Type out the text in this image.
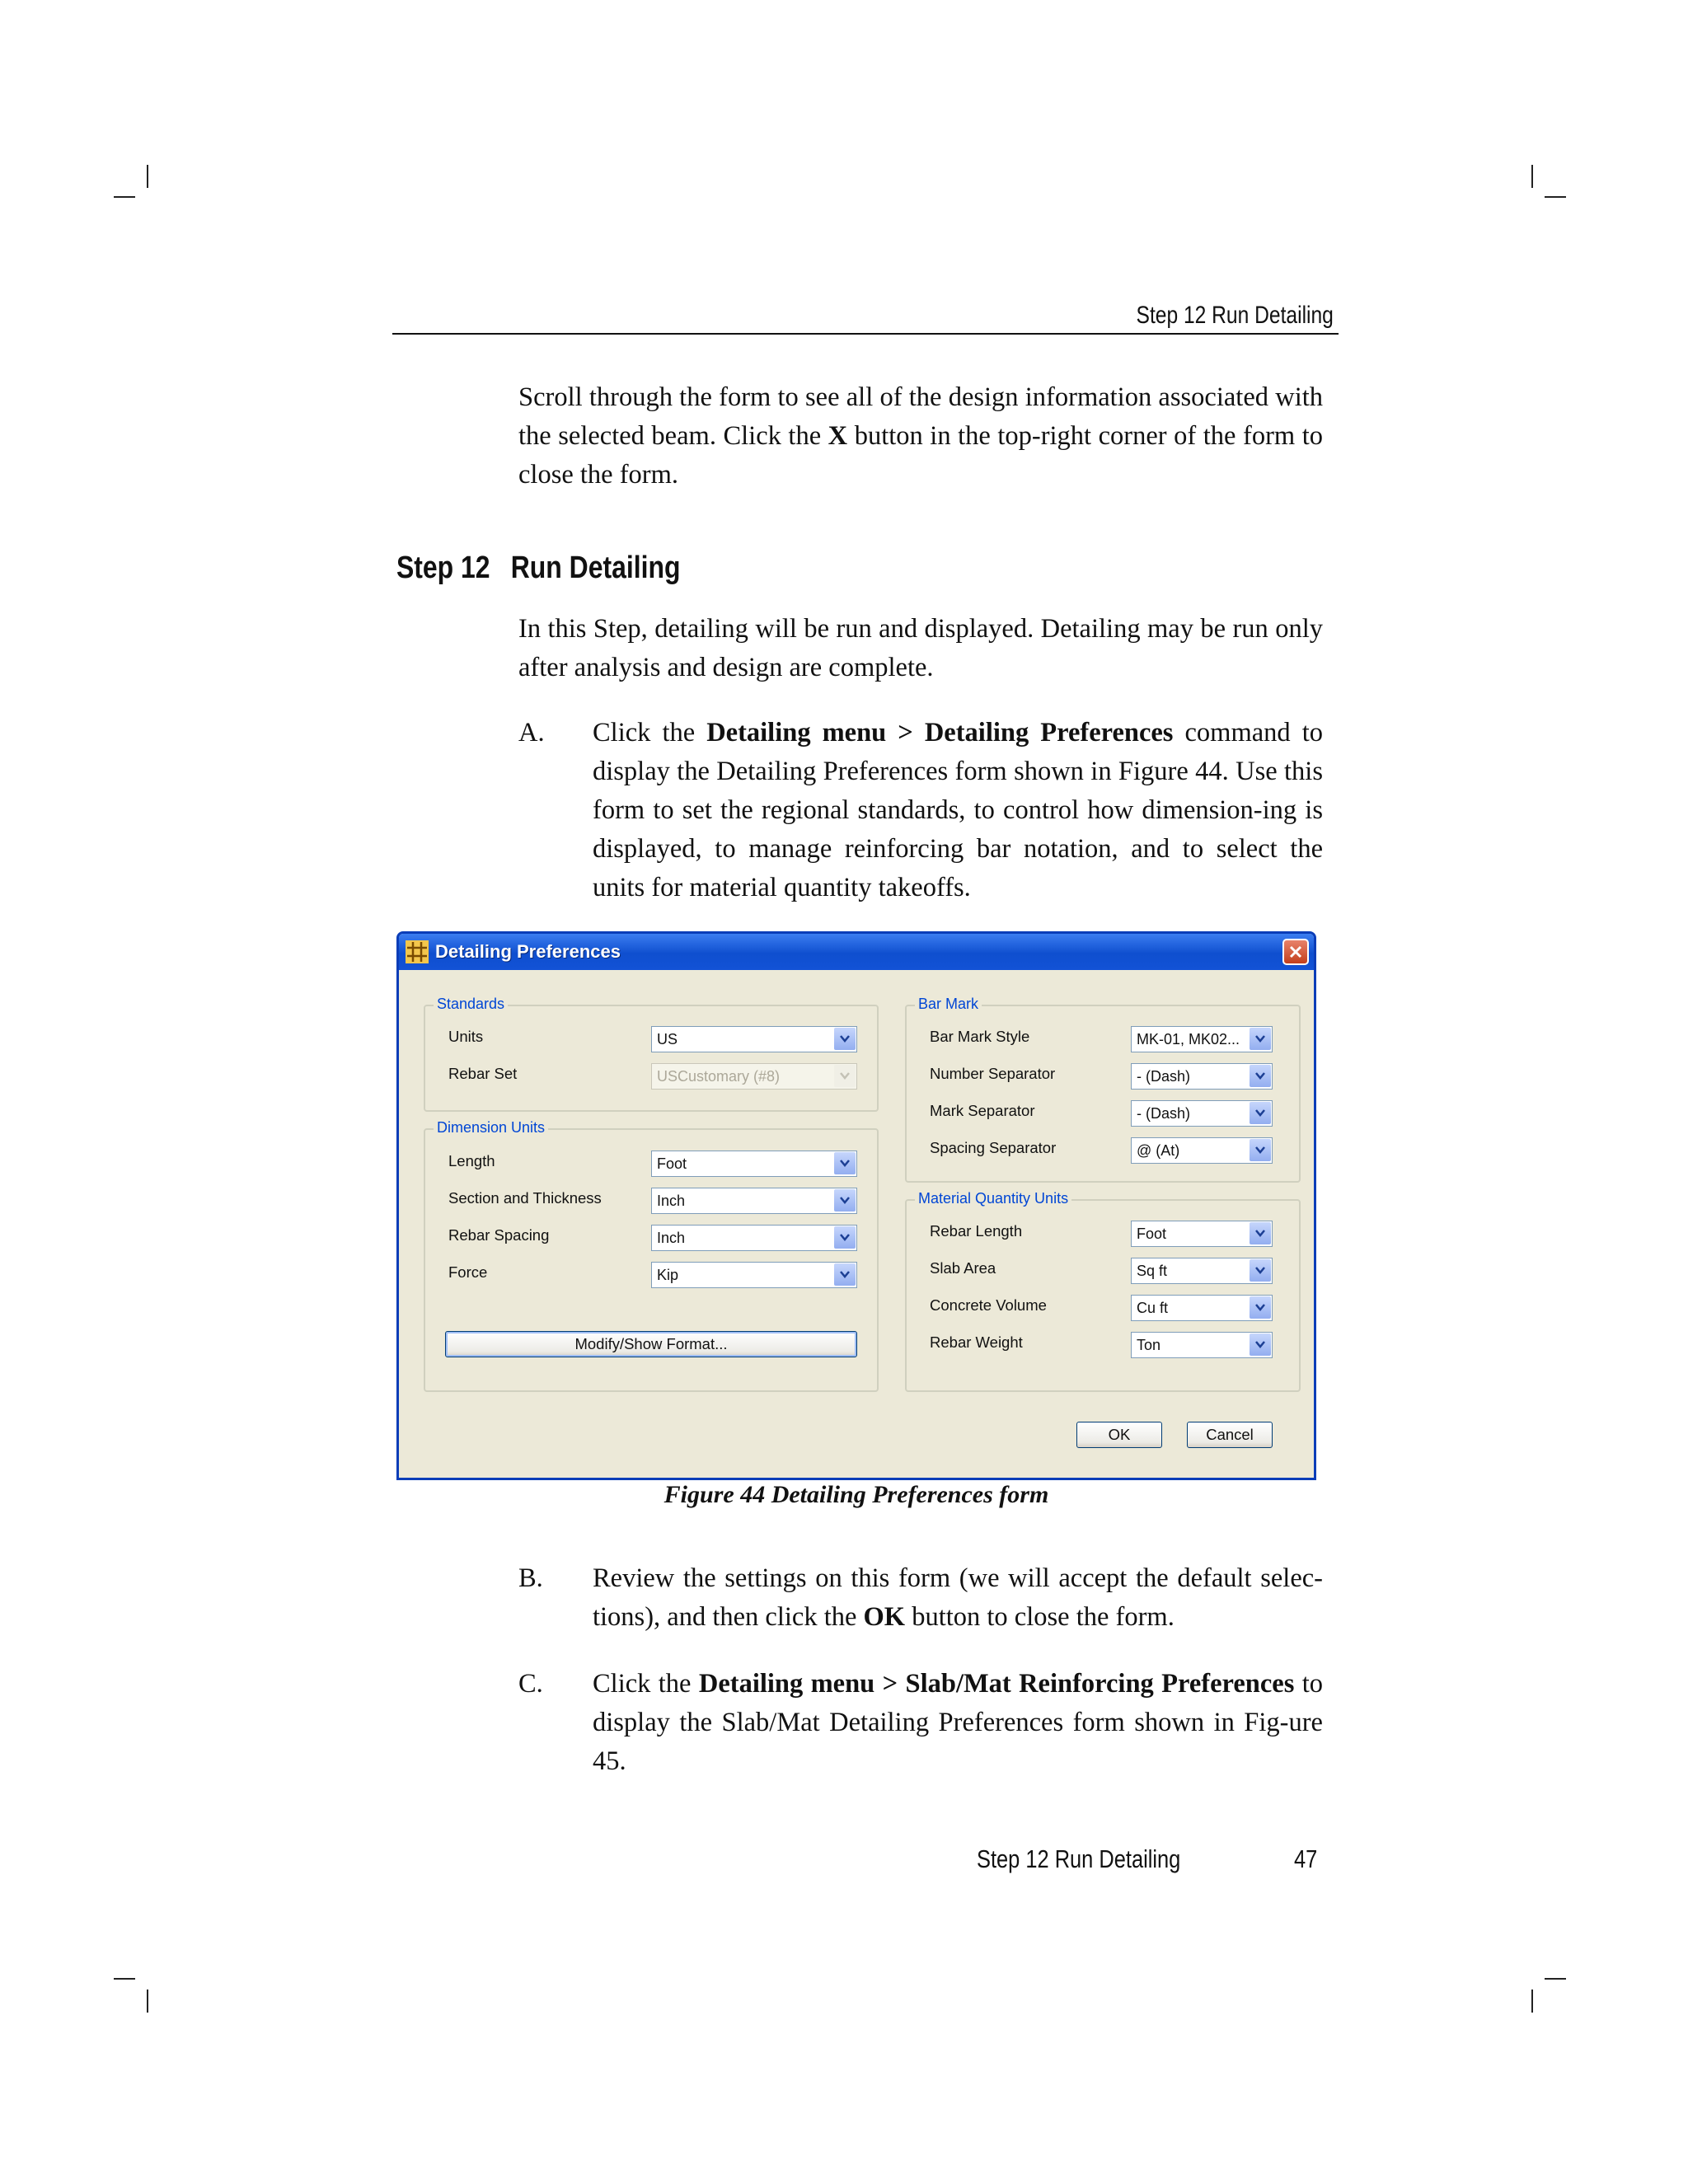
Step 12 Run Detailing

Scroll through the form to see all of the design information associated with the selected beam. Click the X button in the top-right corner of the form to close the form.

Step 12 Run Detailing

In this Step, detailing will be run and displayed. Detailing may be run only after analysis and design are complete.

A. Click the Detailing menu > Detailing Preferences command to display the Detailing Preferences form shown in Figure 44. Use this form to set the regional standards, to control how dimension-ing is displayed, to manage reinforcing bar notation, and to select the units for material quantity takeoffs.

Detailing Preferences
Standards
Units	US
Rebar Set	USCustomary (#8)
Dimension Units
Length	Foot
Section and Thickness	Inch
Rebar Spacing	Inch
Force	Kip
Modify/Show Format...
Bar Mark
Bar Mark Style	MK-01, MK02...
Number Separator	- (Dash)
Mark Separator	- (Dash)
Spacing Separator	@ (At)
Material Quantity Units
Rebar Length	Foot
Slab Area	Sq ft
Concrete Volume	Cu ft
Rebar Weight	Ton
OK	Cancel
Figure 44 Detailing Preferences form
B. Review the settings on this form (we will accept the default selec-tions), and then click the OK button to close the form.

C. Click the Detailing menu > Slab/Mat Reinforcing Preferences to display the Slab/Mat Detailing Preferences form shown in Fig-ure 45.

Step 12 Run Detailing	47
